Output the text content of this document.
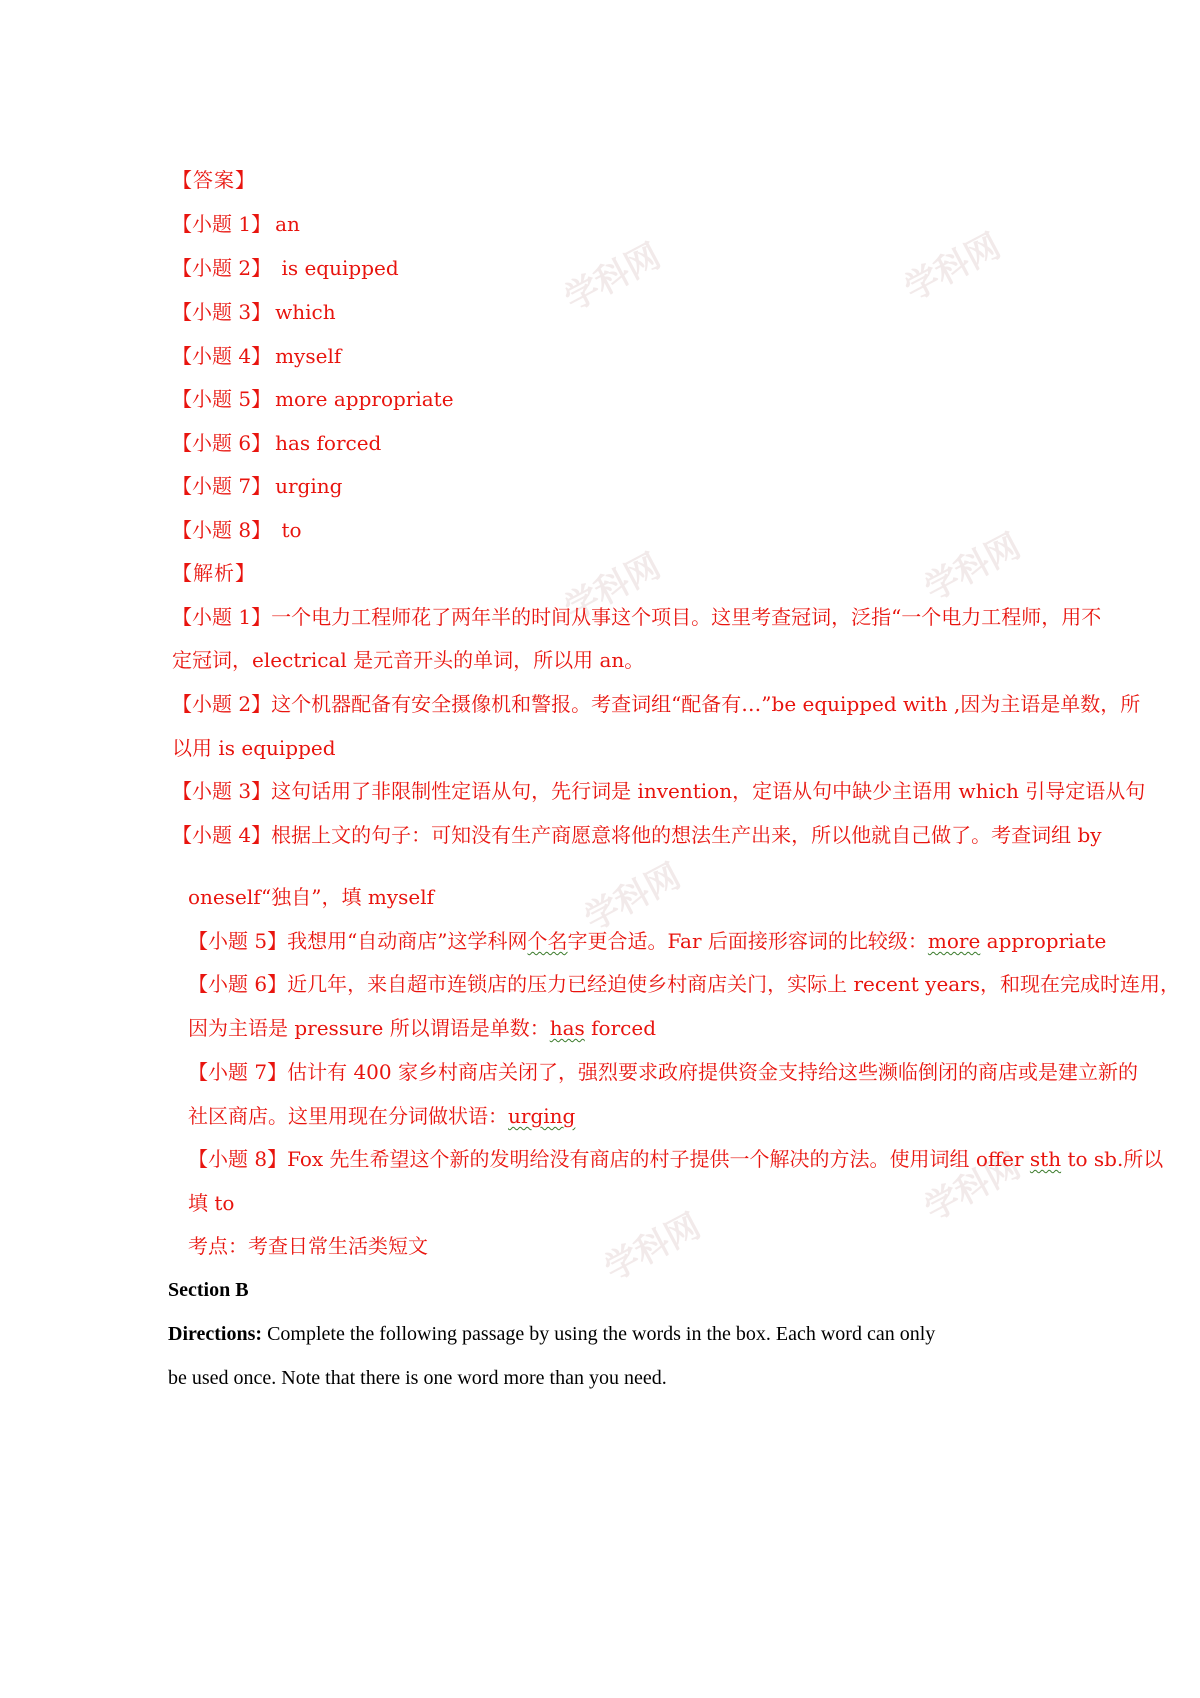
学科网	学科网
学科网	学科网
学科网
学科网
学科网
【答案】
【小题 1】 an
【小题 2】 is equipped
【小题 3】 which
【小题 4】 myself
【小题 5】 more appropriate
【小题 6】 has forced
【小题 7】 urging
【小题 8】 to
【解析】
【小题 1】一个电力工程师花了两年半的时间从事这个项目。这里考查冠词，泛指“一个电力工程师，用不
定冠词，electrical 是元音开头的单词，所以用 an。
【小题 2】这个机器配备有安全摄像机和警报。考查词组“配备有…”be equipped with ,因为主语是单数，所
以用 is equipped
【小题 3】这句话用了非限制性定语从句，先行词是 invention，定语从句中缺少主语用 which 引导定语从句
【小题 4】根据上文的句子：可知没有生产商愿意将他的想法生产出来，所以他就自己做了。考查词组 by
oneself“独自”，填 myself
【小题 5】我想用“自动商店”这学科网个名字更合适。Far 后面接形容词的比较级：more appropriate
【小题 6】近几年，来自超市连锁店的压力已经迫使乡村商店关门，实际上 recent years，和现在完成时连用，
因为主语是 pressure 所以谓语是单数：has forced
【小题 7】估计有 400 家乡村商店关闭了，强烈要求政府提供资金支持给这些濒临倒闭的商店或是建立新的
社区商店。这里用现在分词做状语：urging
【小题 8】Fox 先生希望这个新的发明给没有商店的村子提供一个解决的方法。使用词组 offer sth to sb.所以
填 to
考点：考查日常生活类短文
Section B
Directions: Complete the following passage by using the words in the box. Each word can only
be used once. Note that there is one word more than you need.
